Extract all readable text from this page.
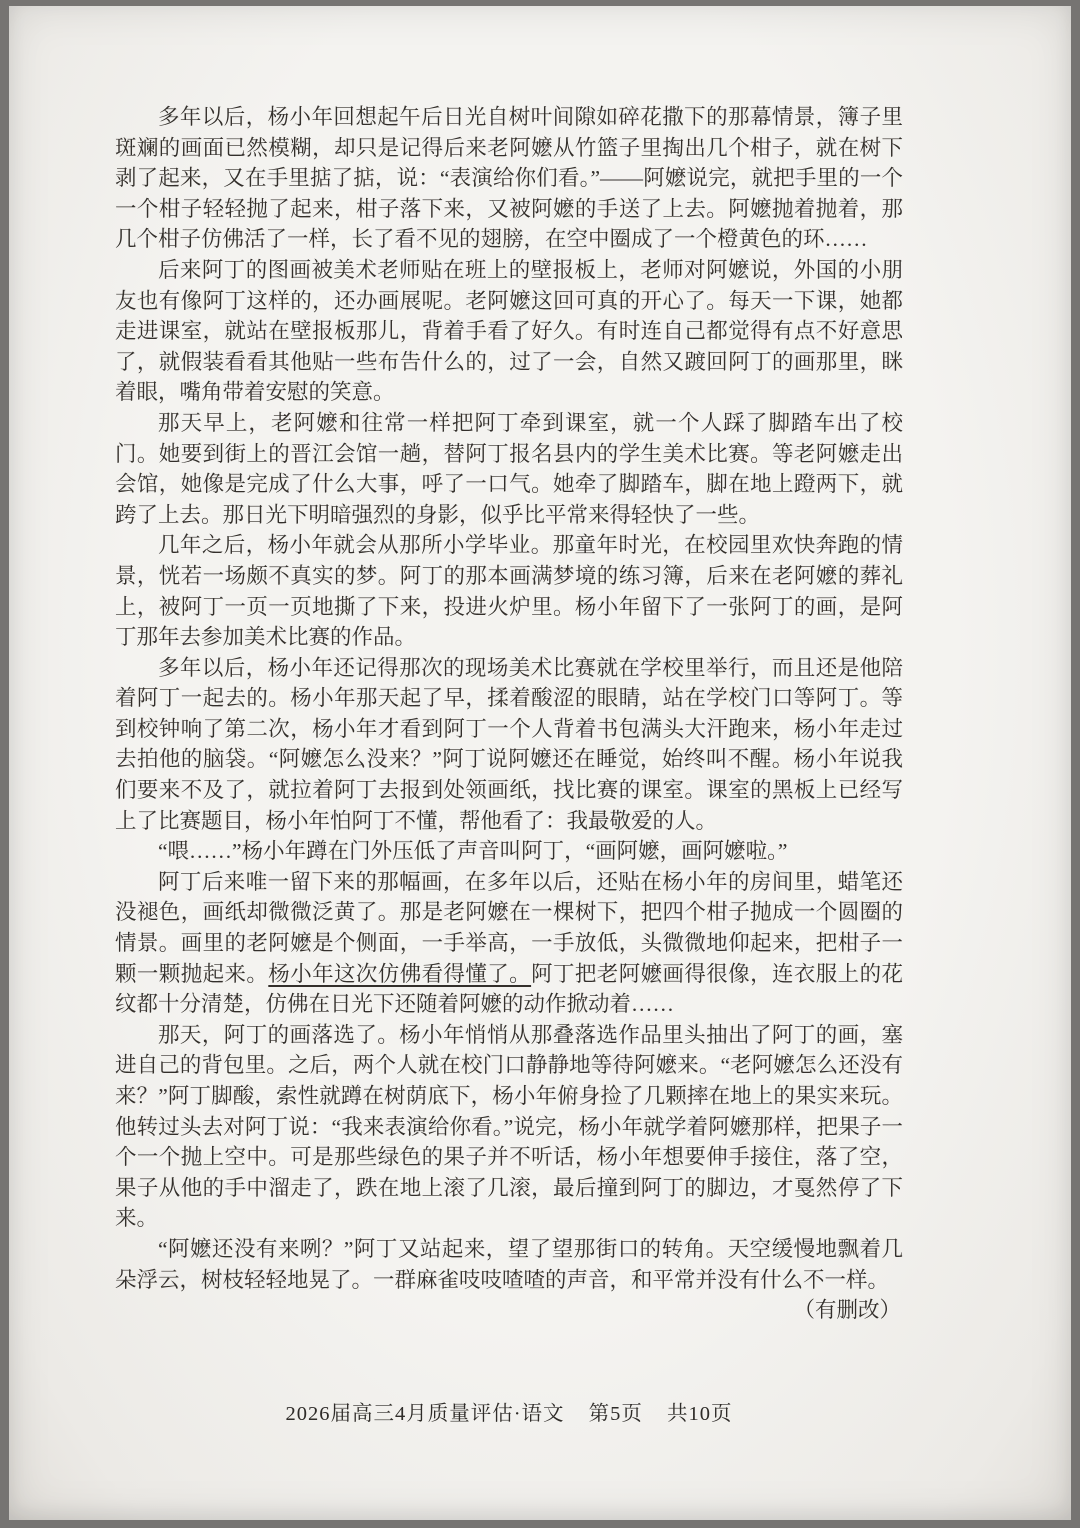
多年以后，杨小年回想起午后日光自树叶间隙如碎花撒下的那幕情景，簿子里斑斓的画面已然模糊，却只是记得后来老阿嬷从竹篮子里掏出几个柑子，就在树下剥了起来，又在手里掂了掂，说：“表演给你们看。”——阿嬷说完，就把手里的一个一个柑子轻轻抛了起来，柑子落下来，又被阿嬷的手送了上去。阿嬷抛着抛着，那几个柑子仿佛活了一样，长了看不见的翅膀，在空中圈成了一个橙黄色的环……

后来阿丁的图画被美术老师贴在班上的壁报板上，老师对阿嬷说，外国的小朋友也有像阿丁这样的，还办画展呢。老阿嬷这回可真的开心了。每天一下课，她都走进课室，就站在壁报板那儿，背着手看了好久。有时连自己都觉得有点不好意思了，就假装看看其他贴一些布告什么的，过了一会，自然又踱回阿丁的画那里，眯着眼，嘴角带着安慰的笑意。

那天早上，老阿嬷和往常一样把阿丁牵到课室，就一个人踩了脚踏车出了校门。她要到街上的晋江会馆一趟，替阿丁报名县内的学生美术比赛。等老阿嬷走出会馆，她像是完成了什么大事，呼了一口气。她牵了脚踏车，脚在地上蹬两下，就跨了上去。那日光下明暗强烈的身影，似乎比平常来得轻快了一些。

几年之后，杨小年就会从那所小学毕业。那童年时光，在校园里欢快奔跑的情景，恍若一场颇不真实的梦。阿丁的那本画满梦境的练习簿，后来在老阿嬷的葬礼上，被阿丁一页一页地撕了下来，投进火炉里。杨小年留下了一张阿丁的画，是阿丁那年去参加美术比赛的作品。

多年以后，杨小年还记得那次的现场美术比赛就在学校里举行，而且还是他陪着阿丁一起去的。杨小年那天起了早，揉着酸涩的眼睛，站在学校门口等阿丁。等到校钟响了第二次，杨小年才看到阿丁一个人背着书包满头大汗跑来，杨小年走过去拍他的脑袋。“阿嬷怎么没来？”阿丁说阿嬷还在睡觉，始终叫不醒。杨小年说我们要来不及了，就拉着阿丁去报到处领画纸，找比赛的课室。课室的黑板上已经写上了比赛题目，杨小年怕阿丁不懂，帮他看了：我最敬爱的人。

“喂……”杨小年蹲在门外压低了声音叫阿丁，“画阿嬷，画阿嬷啦。”

阿丁后来唯一留下来的那幅画，在多年以后，还贴在杨小年的房间里，蜡笔还没褪色，画纸却微微泛黄了。那是老阿嬷在一棵树下，把四个柑子抛成一个圆圈的情景。画里的老阿嬷是个侧面，一手举高，一手放低，头微微地仰起来，把柑子一颗一颗抛起来。杨小年这次仿佛看得懂了。阿丁把老阿嬷画得很像，连衣服上的花纹都十分清楚，仿佛在日光下还随着阿嬷的动作掀动着……

那天，阿丁的画落选了。杨小年悄悄从那叠落选作品里头抽出了阿丁的画，塞进自己的背包里。之后，两个人就在校门口静静地等待阿嬷来。“老阿嬷怎么还没有来？”阿丁脚酸，索性就蹲在树荫底下，杨小年俯身捡了几颗摔在地上的果实来玩。他转过头去对阿丁说：“我来表演给你看。”说完，杨小年就学着阿嬷那样，把果子一个一个抛上空中。可是那些绿色的果子并不听话，杨小年想要伸手接住，落了空，果子从他的手中溜走了，跌在地上滚了几滚，最后撞到阿丁的脚边，才戛然停了下来。

“阿嬷还没有来咧？”阿丁又站起来，望了望那街口的转角。天空缓慢地飘着几朵浮云，树枝轻轻地晃了。一群麻雀吱吱喳喳的声音，和平常并没有什么不一样。

（有删改）

2026届高三4月质量评估·语文 第5页 共10页
